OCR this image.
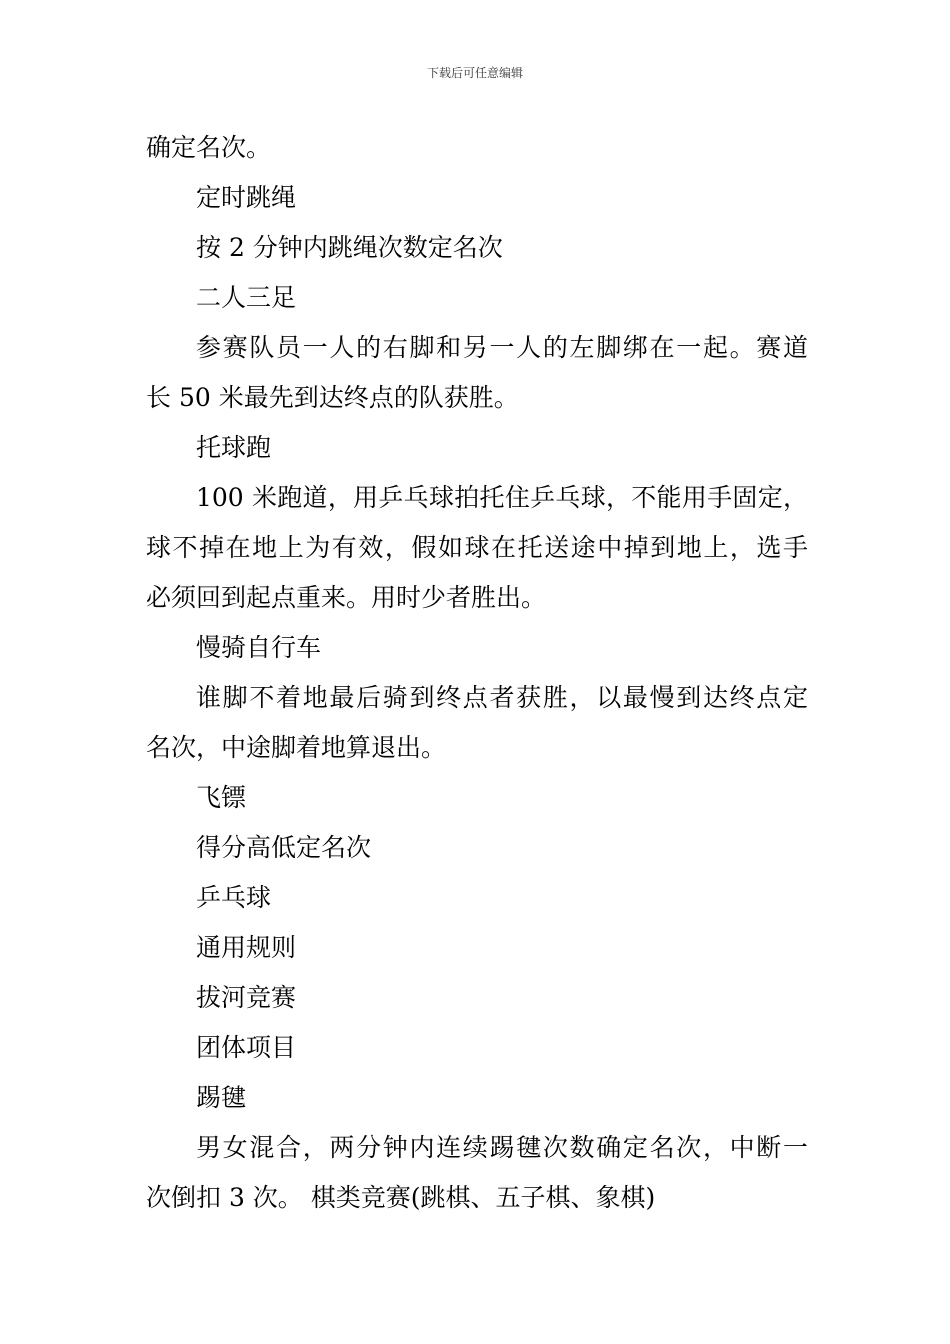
下载后可任意编辑
确定名次。
定时跳绳
按 2 分钟内跳绳次数定名次
二人三足
参赛队员一人的右脚和另一人的左脚绑在一起。赛道
长 50 米最先到达终点的队获胜。
托球跑
100 米跑道，用乒乓球拍托住乒乓球，不能用手固定，
球不掉在地上为有效，假如球在托送途中掉到地上，选手
必须回到起点重来。用时少者胜出。
慢骑自行车
谁脚不着地最后骑到终点者获胜，以最慢到达终点定
名次，中途脚着地算退出。
飞镖
得分高低定名次
乒乓球
通用规则
拔河竞赛
团体项目
踢毽
男女混合，两分钟内连续踢毽次数确定名次，中断一
次倒扣 3 次。 棋类竞赛(跳棋、五子棋、象棋)
